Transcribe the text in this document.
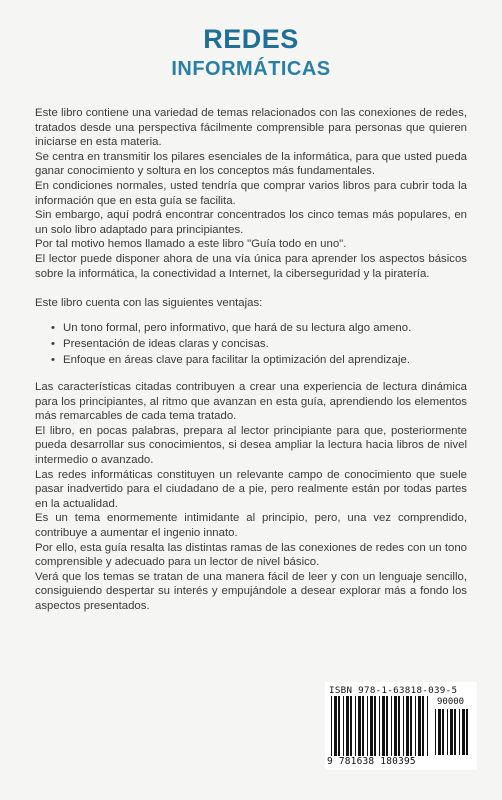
REDES
INFORMÁTICAS

Este libro contiene una variedad de temas relacionados con las conexiones de redes, tratados desde una perspectiva fácilmente comprensible para personas que quieren iniciarse en esta materia.

Se centra en transmitir los pilares esenciales de la informática, para que usted pueda ganar conocimiento y soltura en los conceptos más fundamentales.

En condiciones normales, usted tendría que comprar varios libros para cubrir toda la información que en esta guía se facilita.

Sin embargo, aquí podrá encontrar concentrados los cinco temas más populares, en un solo libro adaptado para principiantes.

Por tal motivo hemos llamado a este libro "Guía todo en uno".

El lector puede disponer ahora de una vía única para aprender los aspectos básicos sobre la informática, la conectividad a Internet, la ciberseguridad y la piratería.

Este libro cuenta con las siguientes ventajas:
• Un tono formal, pero informativo, que hará de su lectura algo ameno.
• Presentación de ideas claras y concisas.
• Enfoque en áreas clave para facilitar la optimización del aprendizaje.

Las características citadas contribuyen a crear una experiencia de lectura dinámica para los principiantes, al ritmo que avanzan en esta guía, aprendiendo los elementos más remarcables de cada tema tratado.

El libro, en pocas palabras, prepara al lector principiante para que, posteriormente pueda desarrollar sus conocimientos, si desea ampliar la lectura hacia libros de nivel intermedio o avanzado.

Las redes informáticas constituyen un relevante campo de conocimiento que suele pasar inadvertido para el ciudadano de a pie, pero realmente están por todas partes en la actualidad.

Es un tema enormemente intimidante al principio, pero, una vez comprendido, contribuye a aumentar el ingenio innato.

Por ello, esta guía resalta las distintas ramas de las conexiones de redes con un tono comprensible y adecuado para un lector de nivel básico.

Verá que los temas se tratan de una manera fácil de leer y con un lenguaje sencillo, consiguiendo despertar su interés y empujándole a desear explorar más a fondo los aspectos presentados.

ISBN 978-1-63818-039-5
90000
9 781638 180395
